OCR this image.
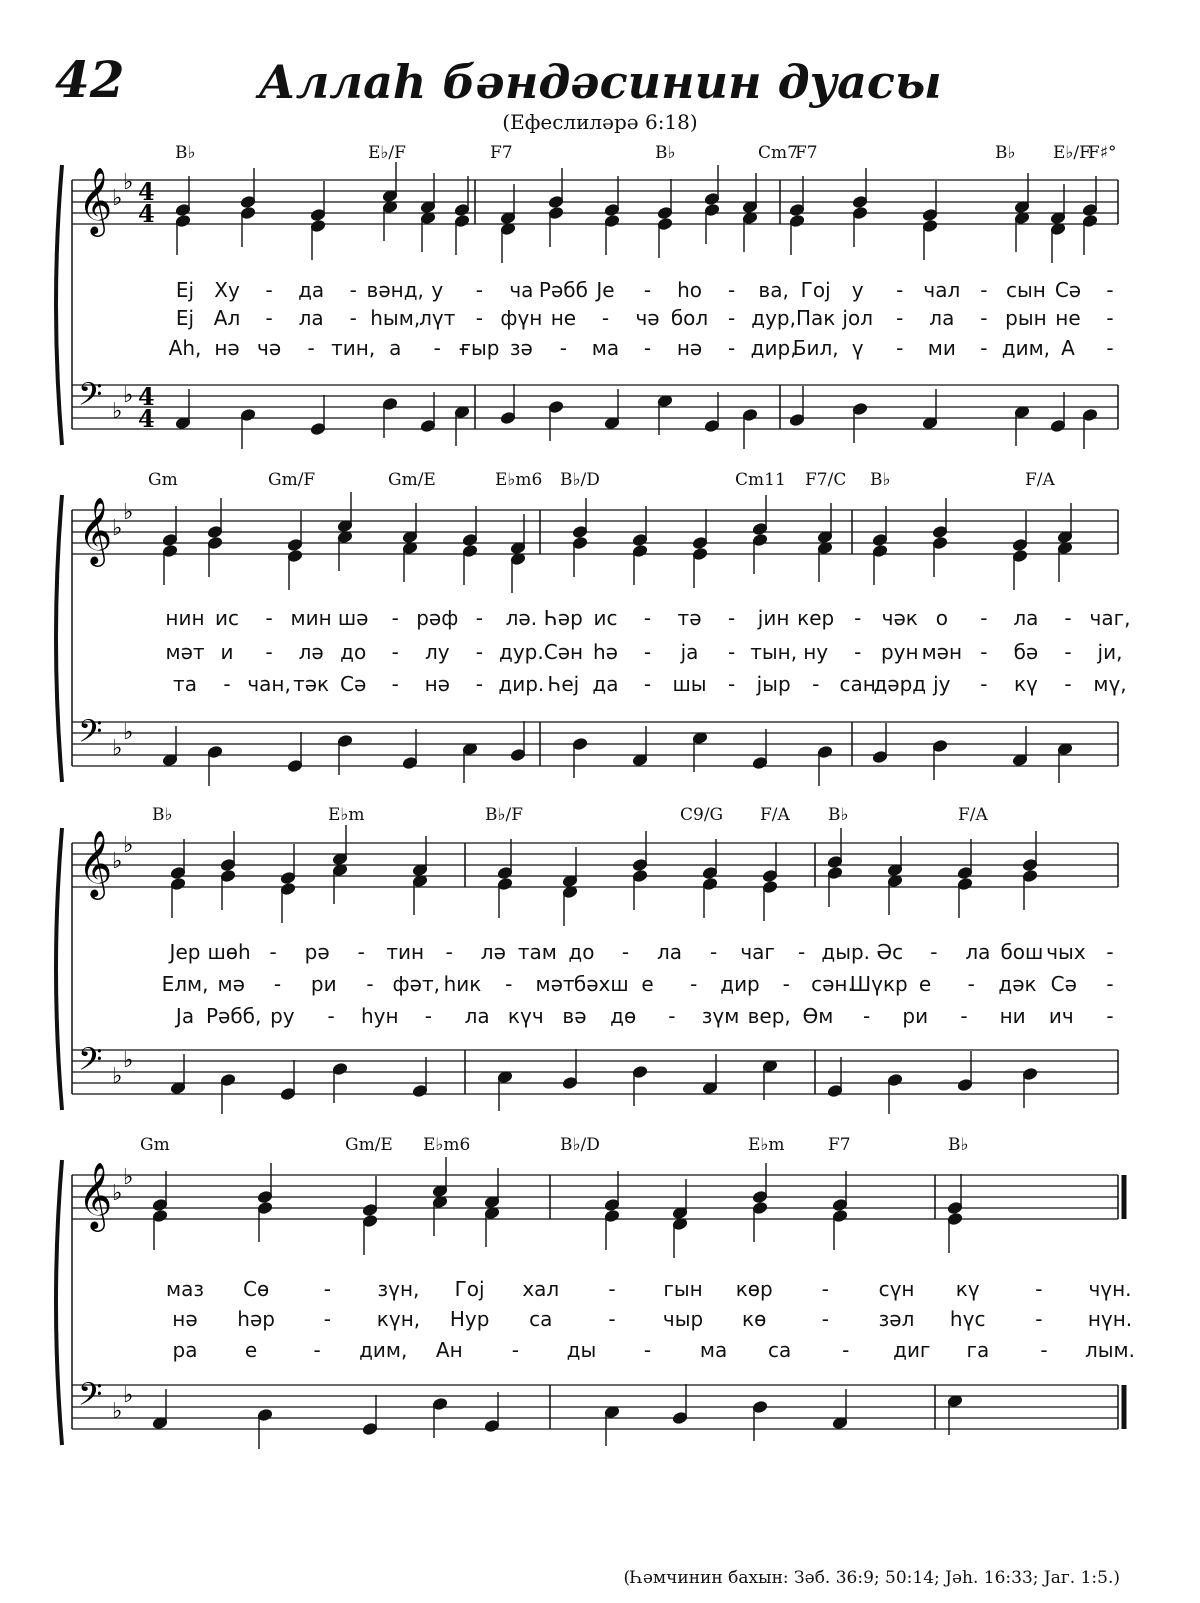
42	Аллаһ бәндәсинин дуасы
(Ефеслиләрә 6:18)
B♭	E♭/F	F7	B♭	Cm7
F7	B♭ E♭/F
F♯°
𝄞 ♭
♭ 4
4
𝄢 ♭
♭ 4
4
Еј Ху - да - вәнд, у - ча Рәбб Је - һо - ва, Гој у - чал - сын Сә -
Еј Ал - ла - һым,
лүт - фүн не - чә бол - дур, Пак јол - ла - рын не -
Аһ, нә чә - тин, а - ғыр зә - ма - нә - дир,
Бил, ү - ми - дим, А -
Gm	Gm/F	Gm/E	E♭m6 B♭/D	Cm11 F7/C B♭	F/A
𝄞 ♭
♭
𝄢 ♭
♭
нин ис - мин шә - рәф - лә. Һәр ис - тә - јин кер - чәк о - ла - чаг,
мәт и - лә до - лу - дур. Сән һә - ја - тын, ну - рун мән - бә - ји,
та - чан, тәк Сә - нә - дир. Һеј да - шы - јыр - сан
дәрд ју - кү - мү,
B♭	E♭m	B♭/F	C9/G F/A B♭	F/A
𝄞 ♭
♭
𝄢 ♭
♭
Јер шөһ - рә - тин - лә там до - ла - чаг - дыр. Әс - ла бош чых -
Елм, мә - ри - фәт, һик - мәт бәхш е - дир - сән.
Шүкр е - дәк Сә -
Ја Рәбб, ру - һун - ла күч вә дө - зүм вер, Өм - ри - ни ич -
Gm	Gm/E E♭m6	B♭/D	E♭m	F7	B♭
𝄞 ♭
♭
𝄢 ♭
♭
маз Сө	- зүн, Гој хал - гын көр - сүн кү	- чүн.
нә һәр - күн, Нур са	- чыр кө	- зәл һүс - нүн.
ра е	- дим, Ан - ды - ма са	- диг га	- лым.
(Һәмчинин бахын: Зәб. 36:9; 50:14; Јәһ. 16:33; Јаг. 1:5.)
